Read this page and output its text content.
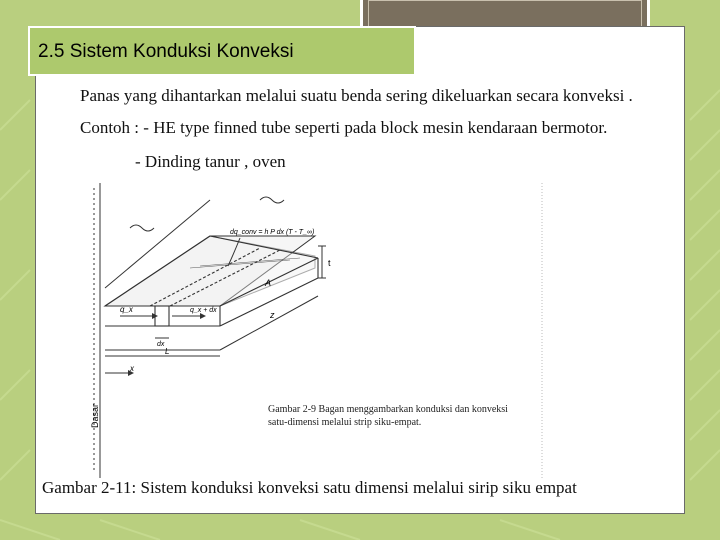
2.5 Sistem Konduksi Konveksi
Panas yang dihantarkan melalui suatu benda sering dikeluarkan secara konveksi .
Contoh : - HE type finned tube seperti pada block mesin kendaraan bermotor.
- Dinding tanur , oven
t
z
A
q_x	q_x + dx
dx
L
x
Dasar
dq_conv = h P dx (T - T_∞)
Gambar 2-9 Bagan menggambarkan konduksi dan konveksi
satu-dimensi melalui strip siku-empat.
Gambar 2-11: Sistem konduksi konveksi satu dimensi melalui sirip siku empat
